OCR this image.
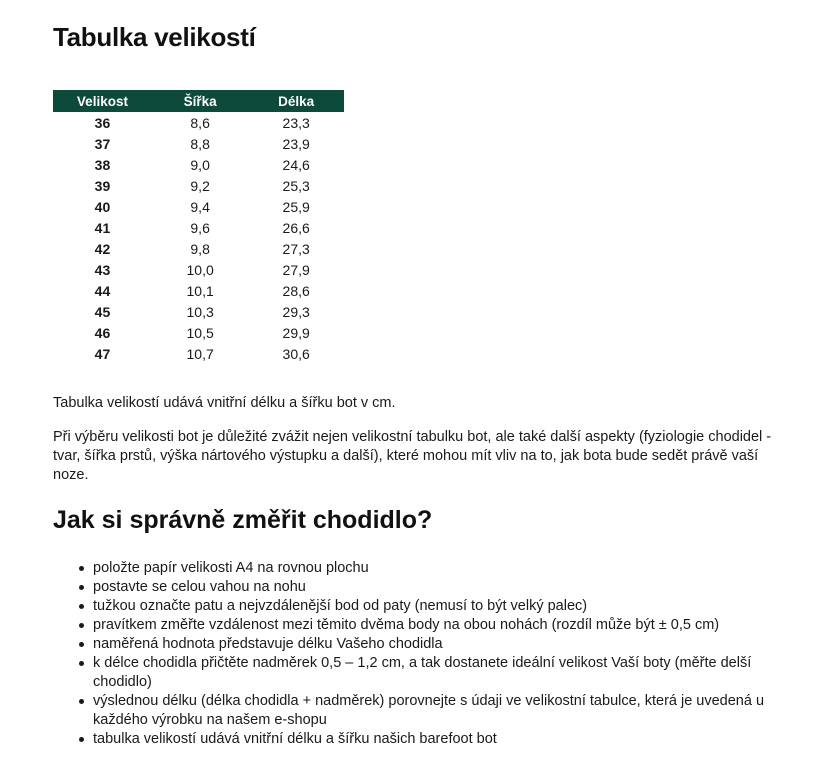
Tabulka velikostí
Velikost	Šířka	Délka
36	8,6	23,3
37	8,8	23,9
38	9,0	24,6
39	9,2	25,3
40	9,4	25,9
41	9,6	26,6
42	9,8	27,3
43	10,0	27,9
44	10,1	28,6
45	10,3	29,3
46	10,5	29,9
47	10,7	30,6

Tabulka velikostí udává vnitřní délku a šířku bot v cm.

Při výběru velikosti bot je důležité zvážit nejen velikostní tabulku bot, ale také další aspekty (fyziologie chodidel - tvar, šířka prstů, výška nártového výstupku a další), které mohou mít vliv na to, jak bota bude sedět právě vaší noze.

Jak si správně změřit chodidlo?
položte papír velikosti A4 na rovnou plochu
postavte se celou vahou na nohu
tužkou označte patu a nejvzdálenější bod od paty (nemusí to být velký palec)
pravítkem změřte vzdálenost mezi těmito dvěma body na obou nohách (rozdíl může být ± 0,5 cm)
naměřená hodnota představuje délku Vašeho chodidla
k délce chodidla přičtěte nadměrek 0,5 – 1,2 cm, a tak dostanete ideální velikost Vaší boty (měřte delší chodidlo)
výslednou délku (délka chodidla + nadměrek) porovnejte s údaji ve velikostní tabulce, která je uvedená u každého výrobku na našem e-shopu
tabulka velikostí udává vnitřní délku a šířku našich barefoot bot
